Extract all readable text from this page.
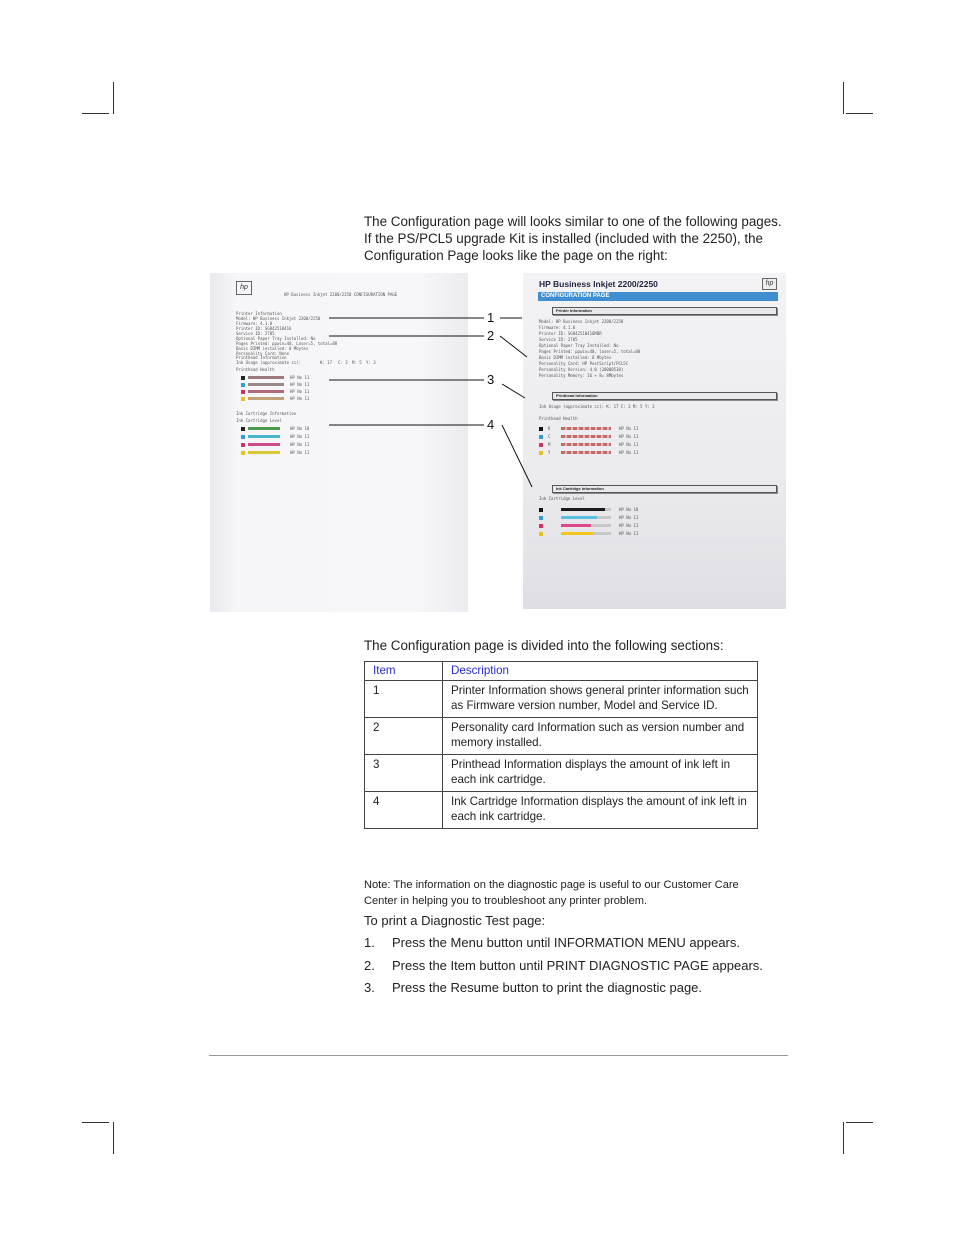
The Configuration page will looks similar to one of the following pages.
If the PS/PCL5 upgrade Kit is installed (included with the 2250), the
Configuration Page looks like the page on the right:
hp
HP Business Inkjet 2200/2250 CONFIGURATION PAGE
Printer Information
Model: HP Business Inkjet 2200/2250
Firmware: 4.1.0
Printer ID: SG842510416
Service ID: 2705
Optional Paper Tray Installed: No
Pages Printed: ppwin=40, Laser=5, total=80
Basic DIMM installed: 8 Mbytes
Personality Card: None
Printhead Information
Ink Usage (approximate cc):	K: 17 C: 3 M: 5 Y: 3
Printhead Health
HP No 11
HP No 11
HP No 11
HP No 11
Ink Cartridge Information
Ink Cartridge Level
HP No 10
HP No 11
HP No 11
HP No 11
HP Business Inkjet 2200/2250	hp
CONFIGURATION PAGE
Printer Information
Model: HP Business Inkjet 2200/2250
Firmware: 4.1.0
Printer ID: SG842510416MBR
Service ID: 2705
Optional Paper Tray Installed: No
Pages Printed: ppwin=40, laser=5, total=80
Basic DIMM installed: 8 Mbytes
Personality Card: HP PostScript/PCL5C
Personality Version: 4.0 (20000530)
Personality Memory: 16 + 8= 8Mbytes
Printhead Information
Ink Usage (approximate cc): K: 17 C: 3 M: 5 Y: 3
Printhead Health
K	HP No 11
C	HP No 11
M	HP No 11
Y	HP No 11
Ink Cartridge Information
Ink Cartridge Level
HP No 10
HP No 11
HP No 11
HP No 11
1
2
3
4
The Configuration page is divided into the following sections:
Item	Description
1	Printer Information shows general printer information such as Firmware version number, Model and Service ID.
2	Personality card Information such as version number and memory installed.
3	Printhead Information displays the amount of ink left in each ink cartridge.
4	Ink Cartridge Information displays the amount of ink left in each ink cartridge.
Note: The information on the diagnostic page is useful to our Customer Care Center in helping you to troubleshoot any printer problem.
To print a Diagnostic Test page:
1. Press the Menu button until INFORMATION MENU appears.
2. Press the Item button until PRINT DIAGNOSTIC PAGE appears.
3. Press the Resume button to print the diagnostic page.
